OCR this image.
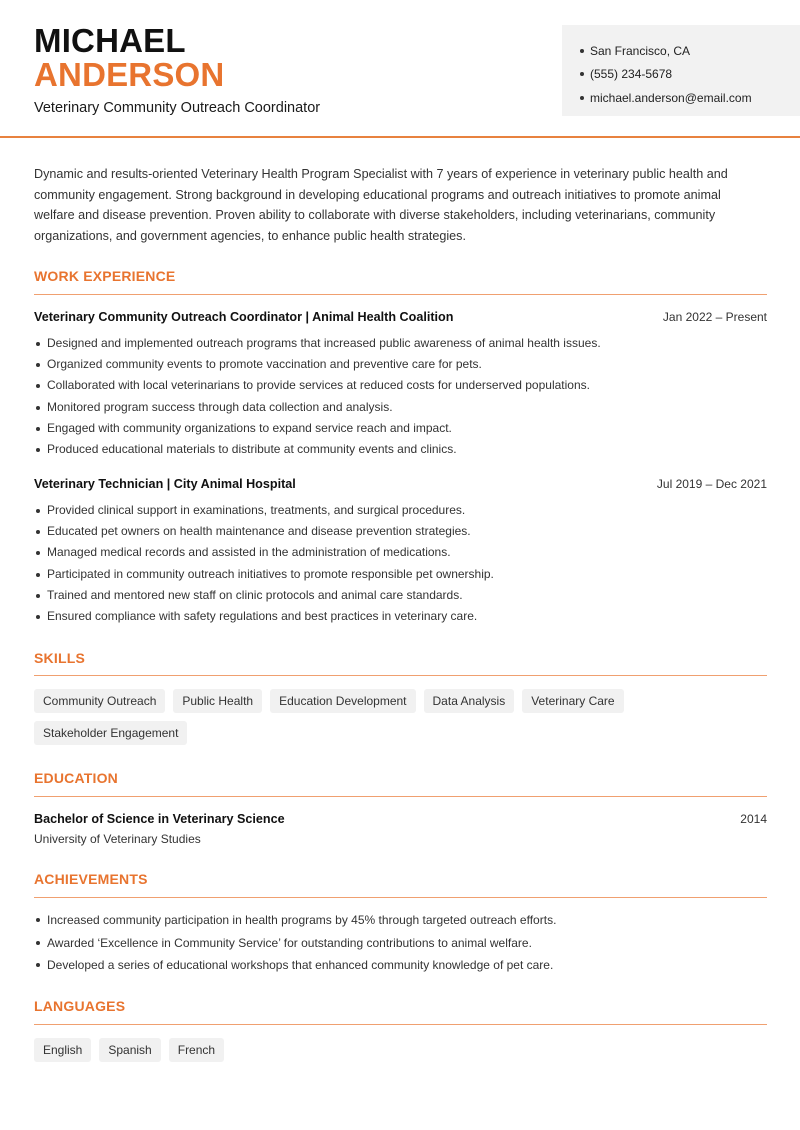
MICHAEL
ANDERSON
Veterinary Community Outreach Coordinator
San Francisco, CA
(555) 234-5678
michael.anderson@email.com

Dynamic and results-oriented Veterinary Health Program Specialist with 7 years of experience in veterinary public health and community engagement. Strong background in developing educational programs and outreach initiatives to promote animal welfare and disease prevention. Proven ability to collaborate with diverse stakeholders, including veterinarians, community organizations, and government agencies, to enhance public health strategies.

WORK EXPERIENCE
Veterinary Community Outreach Coordinator | Animal Health Coalition	Jan 2022 – Present
Designed and implemented outreach programs that increased public awareness of animal health issues.
Organized community events to promote vaccination and preventive care for pets.
Collaborated with local veterinarians to provide services at reduced costs for underserved populations.
Monitored program success through data collection and analysis.
Engaged with community organizations to expand service reach and impact.
Produced educational materials to distribute at community events and clinics.
Veterinary Technician | City Animal Hospital	Jul 2019 – Dec 2021
Provided clinical support in examinations, treatments, and surgical procedures.
Educated pet owners on health maintenance and disease prevention strategies.
Managed medical records and assisted in the administration of medications.
Participated in community outreach initiatives to promote responsible pet ownership.
Trained and mentored new staff on clinic protocols and animal care standards.
Ensured compliance with safety regulations and best practices in veterinary care.
SKILLS
Community Outreach	Public Health	Education Development	Data Analysis	Veterinary Care
Stakeholder Engagement
EDUCATION
Bachelor of Science in Veterinary Science	2014
University of Veterinary Studies
ACHIEVEMENTS
Increased community participation in health programs by 45% through targeted outreach efforts.
Awarded ‘Excellence in Community Service’ for outstanding contributions to animal welfare.
Developed a series of educational workshops that enhanced community knowledge of pet care.
LANGUAGES
English	Spanish	French
